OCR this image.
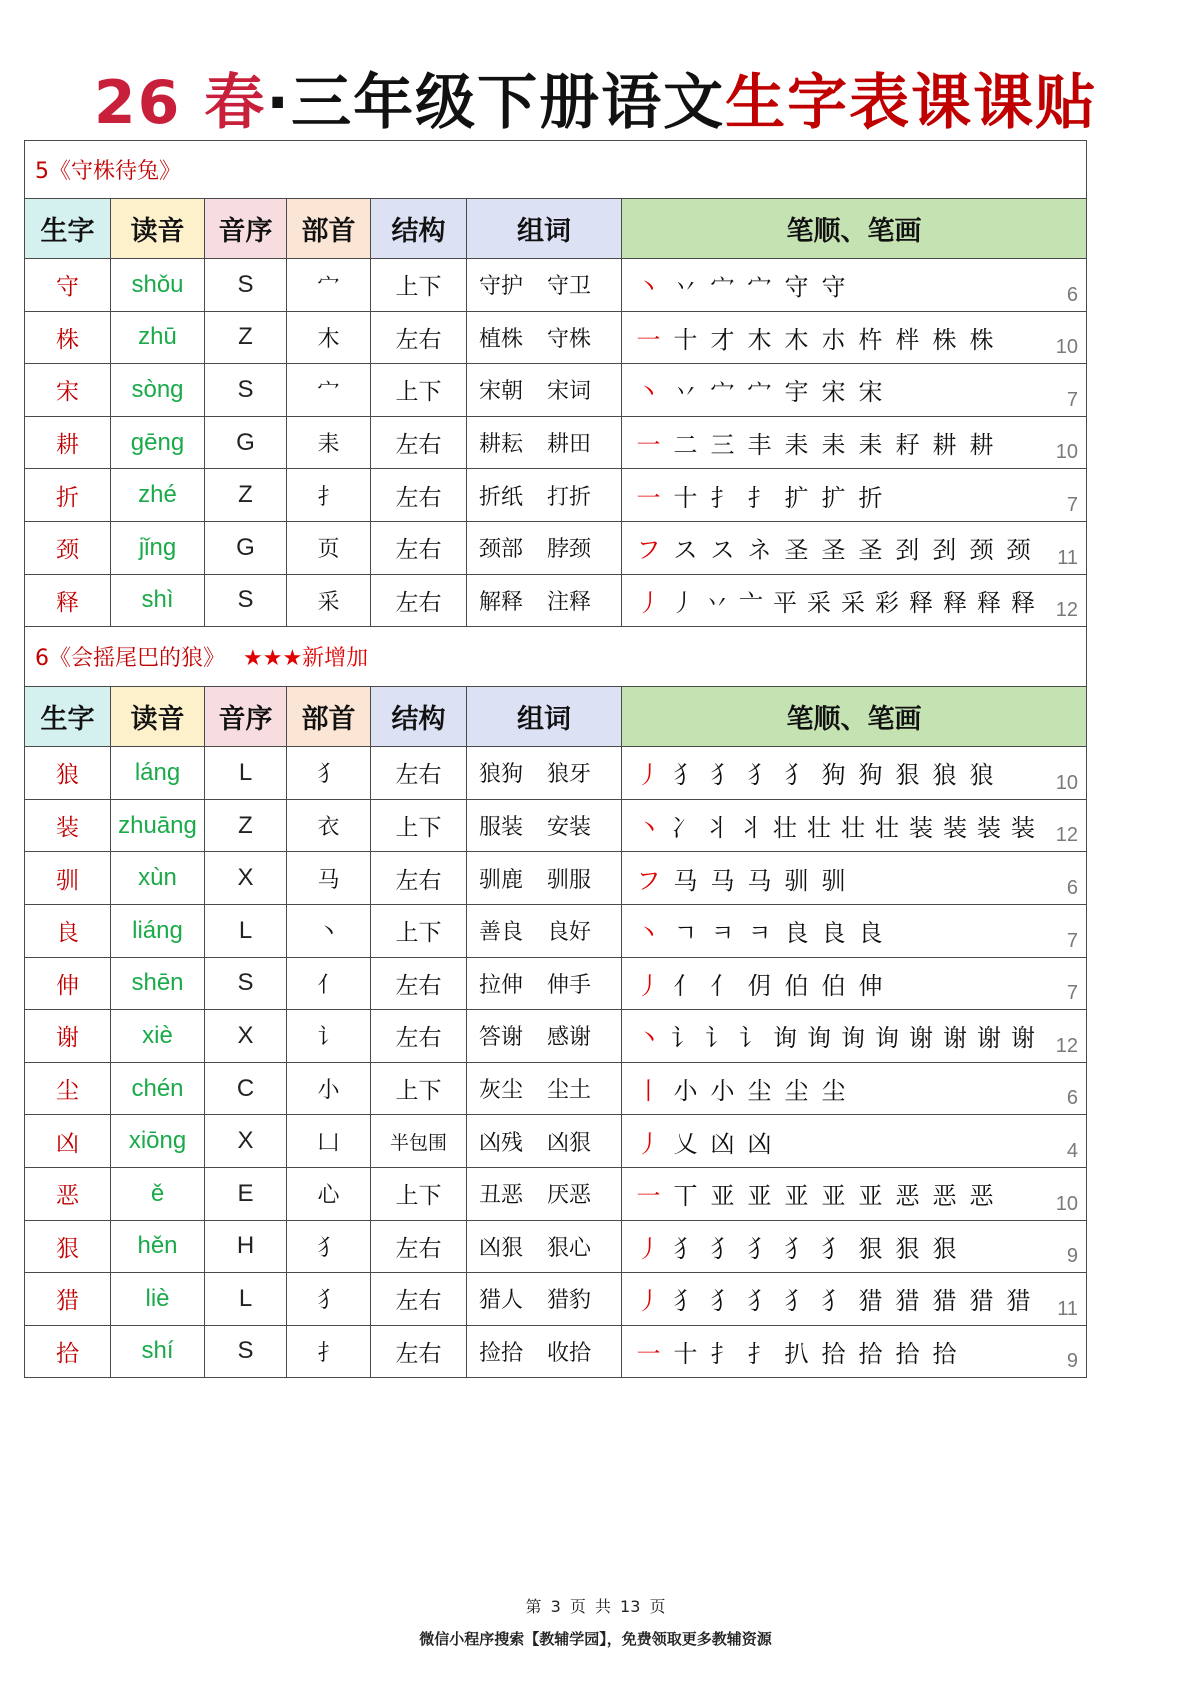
26 春·三年级下册语文生字表课课贴
5《守株待兔》						
生字	读音	音序	部首	结构	组词	笔顺、笔画
守	shǒu	S	宀	上下	守护 守卫	丶 丷 宀 宀 守 守 6

株	zhū	Z	木	左右	植株 守株	一 十 才 木 木 朩 杵 柈 株 株 10

宋	sòng	S	宀	上下	宋朝 宋词	丶 丷 宀 宀 宇 宋 宋 7

耕	gēng	G	耒	左右	耕耘 耕田	一 二 三 丰 耒 耒 耒 耔 耕 耕 10

折	zhé	Z	扌	左右	折纸 打折	一 十 扌 扌 扩 扩 折 7

颈	jǐng	G	页	左右	颈部 脖颈	フ ス ス ネ 圣 圣 圣 刭 刭 颈 颈 11

释	shì	S	采	左右	解释 注释	丿 丿 丷 亠 平 采 采 彩 释 释 释 释 12

6《会摇尾巴的狼》 ★★★新增加						
生字	读音	音序	部首	结构	组词	笔顺、笔画
狼	láng	L	犭	左右	狼狗 狼牙	丿 犭 犭 犭 犭 狗 狗 狠 狼 狼 10

装	zhuāng	Z	衣	上下	服装 安装	丶 冫 丬 丬 壮 壮 壮 壮 装 装 装 装 12

驯	xùn	X	马	左右	驯鹿 驯服	フ 马 马 马 驯 驯 6

良	liáng	L	丶	上下	善良 良好	丶 ㄱ ㅋ ㅋ 良 良 良 7

伸	shēn	S	亻	左右	拉伸 伸手	丿 亻 亻 仴 伯 伯 伸 7

谢	xiè	X	讠	左右	答谢 感谢	丶 讠 讠 讠 询 询 询 询 谢 谢 谢 谢 12

尘	chén	C	小	上下	灰尘 尘土	丨 小 小 尘 尘 尘 6

凶	xiōng	X	凵	半包围	凶残 凶狠	丿 乂 凶 凶 4

恶	ě	E	心	上下	丑恶 厌恶	一 丅 亚 亚 亚 亚 亚 恶 恶 恶 10

狠	hěn	H	犭	左右	凶狠 狠心	丿 犭 犭 犭 犭 犭 狠 狠 狠 9

猎	liè	L	犭	左右	猎人 猎豹	丿 犭 犭 犭 犭 犭 猎 猎 猎 猎 猎 11

拾	shí	S	扌	左右	捡拾 收拾	一 十 扌 扌 扒 拾 拾 拾 拾 9
第 3 页 共 13 页
微信小程序搜索【教辅学园】，免费领取更多教辅资源
